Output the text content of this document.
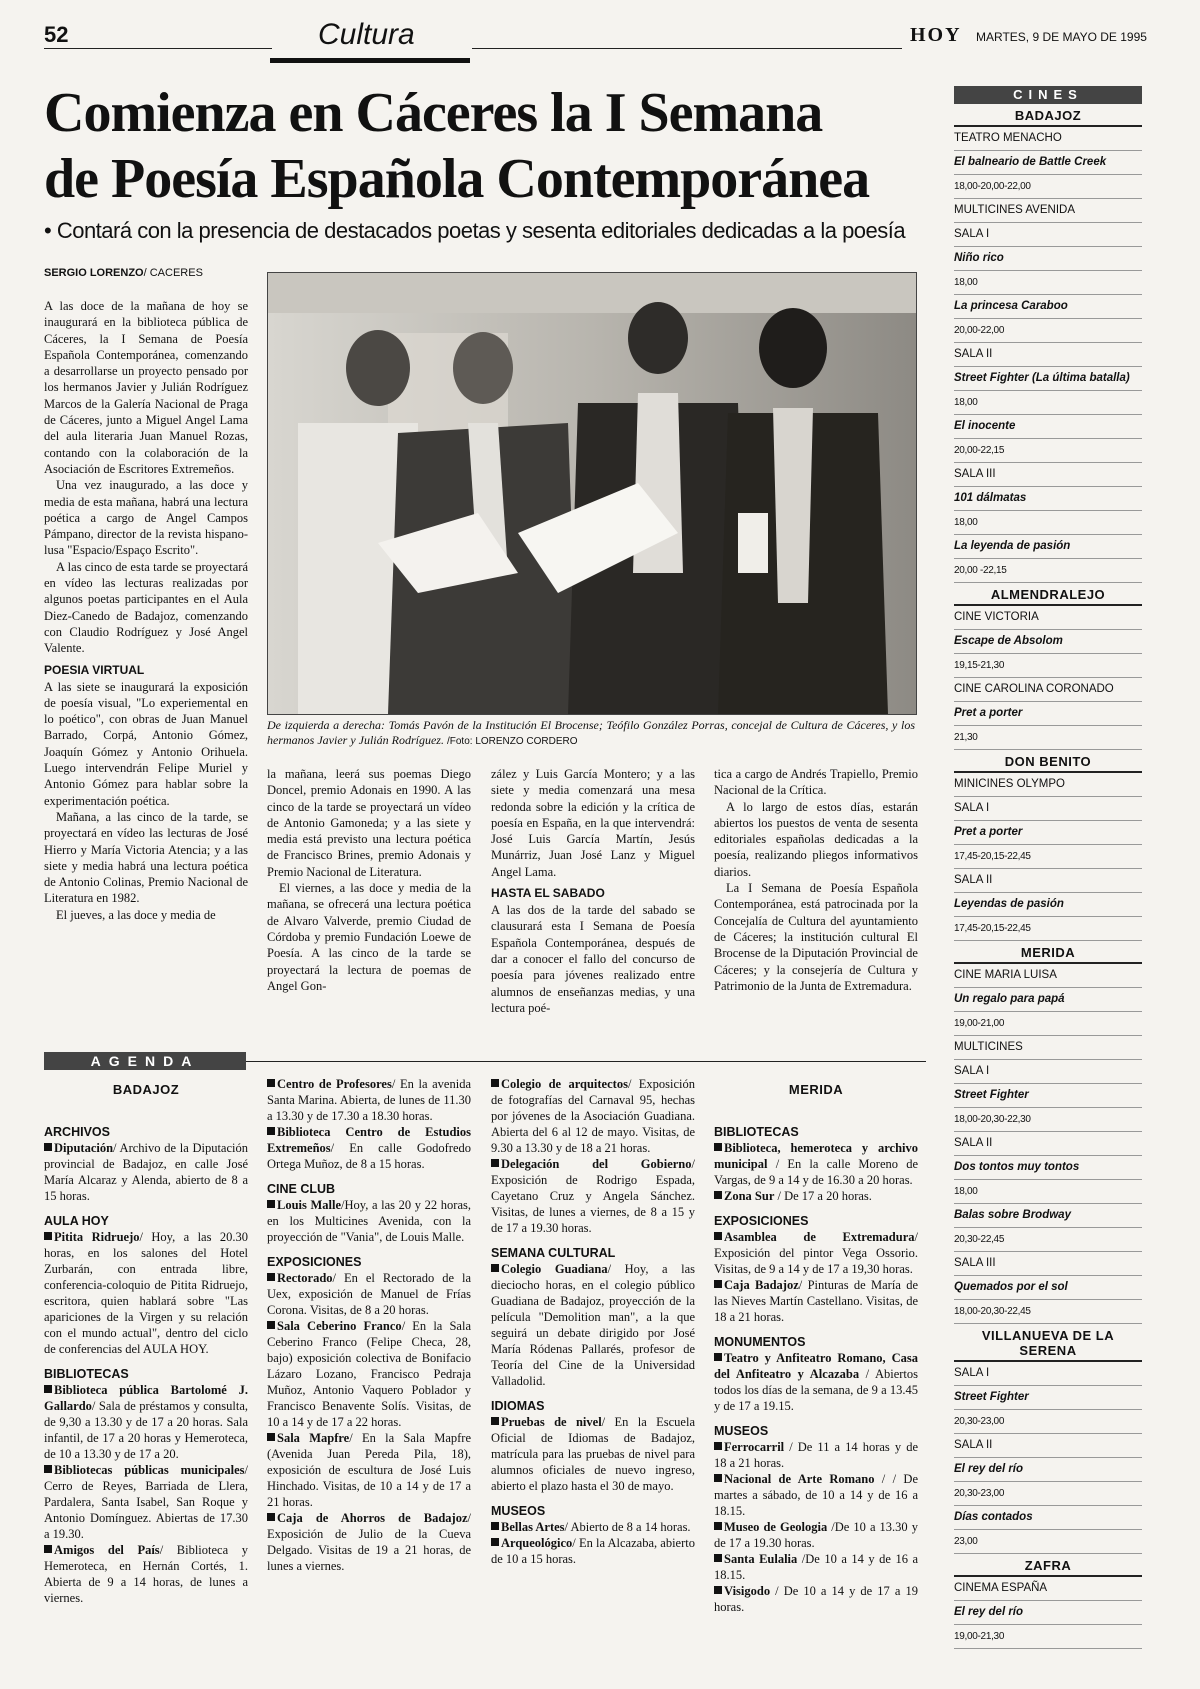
52	Cultura	HOY MARTES, 9 DE MAYO DE 1995
Comienza en Cáceres la I Semana
de Poesía Española Contemporánea
• Contará con la presencia de destacados poetas y sesenta editoriales dedicadas a la poesía
SERGIO LORENZO/ CACERES

A las doce de la mañana de hoy se inaugurará en la biblioteca pública de Cáceres, la I Semana de Poesía Española Contemporánea, comenzando a desarrollarse un proyecto pensado por los hermanos Javier y Julián Rodríguez Marcos de la Galería Nacional de Praga de Cáceres, junto a Miguel Angel Lama del aula literaria Juan Manuel Rozas, contando con la colaboración de la Asociación de Escritores Extremeños.

Una vez inaugurado, a las doce y media de esta mañana, habrá una lectura poética a cargo de Angel Campos Pámpano, director de la revista hispano-lusa "Espacio/Espaço Escrito".

A las cinco de esta tarde se proyectará en vídeo las lecturas realizadas por algunos poetas participantes en el Aula Diez-Canedo de Badajoz, comenzando con Claudio Rodríguez y José Angel Valente.

POESIA VIRTUAL

A las siete se inaugurará la exposición de poesía visual, "Lo experiemental en lo poético", con obras de Juan Manuel Barrado, Corpá, Antonio Gómez, Joaquín Gómez y Antonio Orihuela. Luego intervendrán Felipe Muriel y Antonio Gómez para hablar sobre la experimentación poética.

Mañana, a las cinco de la tarde, se proyectará en vídeo las lecturas de José Hierro y María Victoria Atencia; y a las siete y media habrá una lectura poética de Antonio Colinas, Premio Nacional de Literatura en 1982.

El jueves, a las doce y media de

De izquierda a derecha: Tomás Pavón de la Institución El Brocense; Teófilo González Porras, concejal de Cultura de Cáceres, y los hermanos Javier y Julián Rodríguez. /Foto: LORENZO CORDERO

la mañana, leerá sus poemas Diego Doncel, premio Adonais en 1990. A las cinco de la tarde se proyectará un vídeo de Antonio Gamoneda; y a las siete y media está previsto una lectura poética de Francisco Brines, premio Adonais y Premio Nacional de Literatura.

El viernes, a las doce y media de la mañana, se ofrecerá una lectura poética de Alvaro Valverde, premio Ciudad de Córdoba y premio Fundación Loewe de Poesía. A las cinco de la tarde se proyectará la lectura de poemas de Angel Gon-

zález y Luis García Montero; y a las siete y media comenzará una mesa redonda sobre la edición y la crítica de poesía en España, en la que intervendrá: José Luis García Martín, Jesús Munárriz, Juan José Lanz y Miguel Angel Lama.

HASTA EL SABADO

A las dos de la tarde del sabado se clausurará esta I Semana de Poesía Española Contemporánea, después de dar a conocer el fallo del concurso de poesía para jóvenes realizado entre alumnos de enseñanzas medias, y una lectura poé-

tica a cargo de Andrés Trapiello, Premio Nacional de la Crítica.

A lo largo de estos días, estarán abiertos los puestos de venta de sesenta editoriales españolas dedicadas a la poesía, realizando pliegos informativos diarios.

La I Semana de Poesía Española Contemporánea, está patrocinada por la Concejalía de Cultura del ayuntamiento de Cáceres; la institución cultural El Brocense de la Diputación Provincial de Cáceres; y la consejería de Cultura y Patrimonio de la Junta de Extremadura.

CINES
BADAJOZ
TEATRO MENACHO
El balneario de Battle Creek
18,00-20,00-22,00
MULTICINES AVENIDA
SALA I
Niño rico
18,00
La princesa Caraboo
20,00-22,00
SALA II
Street Fighter (La última batalla)
18,00
El inocente
20,00-22,15
SALA III
101 dálmatas
18,00
La leyenda de pasión
20,00 -22,15
ALMENDRALEJO
CINE VICTORIA
Escape de Absolom
19,15-21,30
CINE CAROLINA CORONADO
Pret a porter
21,30
DON BENITO
MINICINES OLYMPO
SALA I
Pret a porter
17,45-20,15-22,45
SALA II
Leyendas de pasión
17,45-20,15-22,45
MERIDA
CINE MARIA LUISA
Un regalo para papá
19,00-21,00
MULTICINES
SALA I
Street Fighter
18,00-20,30-22,30
SALA II
Dos tontos muy tontos
18,00
Balas sobre Brodway
20,30-22,45
SALA III
Quemados por el sol
18,00-20,30-22,45
VILLANUEVA DE LA SERENA
SALA I
Street Fighter
20,30-23,00
SALA II
El rey del río
20,30-23,00
Días contados
23,00
ZAFRA
CINEMA ESPAÑA
El rey del río
19,00-21,30
AGENDA
BADAJOZ
ARCHIVOS

Diputación/ Archivo de la Diputación provincial de Badajoz, en calle José María Alcaraz y Alenda, abierto de 8 a 15 horas.

AULA HOY

Pitita Ridruejo/ Hoy, a las 20.30 horas, en los salones del Hotel Zurbarán, con entrada libre, conferencia-coloquio de Pitita Ridruejo, escritora, quien hablará sobre "Las apariciones de la Virgen y su relación con el mundo actual", dentro del ciclo de conferencias del AULA HOY.

BIBLIOTECAS

Biblioteca pública Bartolomé J. Gallardo/ Sala de préstamos y consulta, de 9,30 a 13.30 y de 17 a 20 horas. Sala infantil, de 17 a 20 horas y Hemeroteca, de 10 a 13.30 y de 17 a 20.

Bibliotecas públicas municipales/ Cerro de Reyes, Barriada de Llera, Pardalera, Santa Isabel, San Roque y Antonio Domínguez. Abiertas de 17.30 a 19.30.

Amigos del País/ Biblioteca y Hemeroteca, en Hernán Cortés, 1. Abierta de 9 a 14 horas, de lunes a viernes.

Centro de Profesores/ En la avenida Santa Marina. Abierta, de lunes de 11.30 a 13.30 y de 17.30 a 18.30 horas.

Biblioteca Centro de Estudios Extremeños/ En calle Godofredo Ortega Muñoz, de 8 a 15 horas.

CINE CLUB

Louis Malle/Hoy, a las 20 y 22 horas, en los Multicines Avenida, con la proyección de "Vania", de Louis Malle.

EXPOSICIONES

Rectorado/ En el Rectorado de la Uex, exposición de Manuel de Frías Corona. Visitas, de 8 a 20 horas.

Sala Ceberino Franco/ En la Sala Ceberino Franco (Felipe Checa, 28, bajo) exposición colectiva de Bonifacio Lázaro Lozano, Francisco Pedraja Muñoz, Antonio Vaquero Poblador y Francisco Benavente Solís. Visitas, de 10 a 14 y de 17 a 22 horas.

Sala Mapfre/ En la Sala Mapfre (Avenida Juan Pereda Pila, 18), exposición de escultura de José Luis Hinchado. Visitas, de 10 a 14 y de 17 a 21 horas.

Caja de Ahorros de Badajoz/ Exposición de Julio de la Cueva Delgado. Visitas de 19 a 21 horas, de lunes a viernes.

Colegio de arquitectos/ Exposición de fotografías del Carnaval 95, hechas por jóvenes de la Asociación Guadiana. Abierta del 6 al 12 de mayo. Visitas, de 9.30 a 13.30 y de 18 a 21 horas.

Delegación del Gobierno/ Exposición de Rodrigo Espada, Cayetano Cruz y Angela Sánchez. Visitas, de lunes a viernes, de 8 a 15 y de 17 a 19.30 horas.

SEMANA CULTURAL

Colegio Guadiana/ Hoy, a las dieciocho horas, en el colegio público Guadiana de Badajoz, proyección de la película "Demolition man", a la que seguirá un debate dirigido por José María Ródenas Pallarés, profesor de Teoría del Cine de la Universidad Valladolid.

IDIOMAS

Pruebas de nivel/ En la Escuela Oficial de Idiomas de Badajoz, matrícula para las pruebas de nivel para alumnos oficiales de nuevo ingreso, abierto el plazo hasta el 30 de mayo.

MUSEOS

Bellas Artes/ Abierto de 8 a 14 horas.

Arqueológico/ En la Alcazaba, abierto de 10 a 15 horas.

MERIDA
BIBLIOTECAS

Biblioteca, hemeroteca y archivo municipal / En la calle Moreno de Vargas, de 9 a 14 y de 16.30 a 20 horas.

Zona Sur / De 17 a 20 horas.

EXPOSICIONES

Asamblea de Extremadura/ Exposición del pintor Vega Ossorio. Visitas, de 9 a 14 y de 17 a 19,30 horas.

Caja Badajoz/ Pinturas de María de las Nieves Martín Castellano. Visitas, de 18 a 21 horas.

MONUMENTOS

Teatro y Anfiteatro Romano, Casa del Anfiteatro y Alcazaba / Abiertos todos los días de la semana, de 9 a 13.45 y de 17 a 19.15.

MUSEOS

Ferrocarril / De 11 a 14 horas y de 18 a 21 horas.

Nacional de Arte Romano / / De martes a sábado, de 10 a 14 y de 16 a 18.15.

Museo de Geologia /De 10 a 13.30 y de 17 a 19.30 horas.

Santa Eulalia /De 10 a 14 y de 16 a 18.15.

Visigodo / De 10 a 14 y de 17 a 19 horas.
